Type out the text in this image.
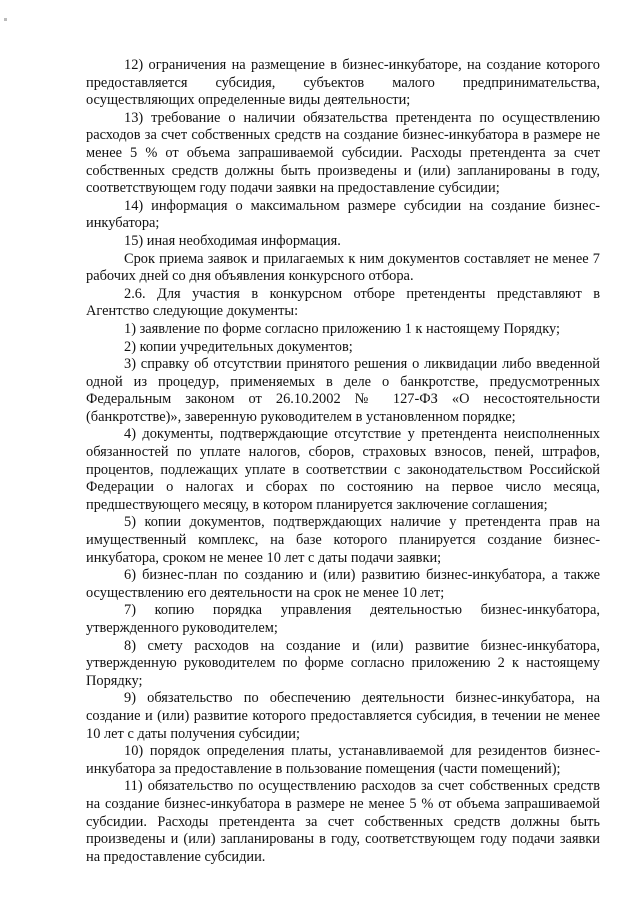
12) ограничения на размещение в бизнес-инкубаторе, на создание которого предоставляется субсидия, субъектов малого предпринимательства, осуществляющих определенные виды деятельности;

13) требование о наличии обязательства претендента по осуществлению расходов за счет собственных средств на создание бизнес-инкубатора в размере не менее 5 % от объема запрашиваемой субсидии. Расходы претендента за счет собственных средств должны быть произведены и (или) запланированы в году, соответствующем году подачи заявки на предоставление субсидии;

14) информация о максимальном размере субсидии на создание бизнес-инкубатора;

15) иная необходимая информация.

Срок приема заявок и прилагаемых к ним документов составляет не менее 7 рабочих дней со дня объявления конкурсного отбора.

2.6. Для участия в конкурсном отборе претенденты представляют в Агентство следующие документы:

1) заявление по форме согласно приложению 1 к настоящему Порядку;

2) копии учредительных документов;

3) справку об отсутствии принятого решения о ликвидации либо введенной одной из процедур, применяемых в деле о банкротстве, предусмотренных Федеральным законом от 26.10.2002 № 127-ФЗ «О несостоятельности (банкротстве)», заверенную руководителем в установленном порядке;

4) документы, подтверждающие отсутствие у претендента неисполненных обязанностей по уплате налогов, сборов, страховых взносов, пеней, штрафов, процентов, подлежащих уплате в соответствии с законодательством Российской Федерации о налогах и сборах по состоянию на первое число месяца, предшествующего месяцу, в котором планируется заключение соглашения;

5) копии документов, подтверждающих наличие у претендента прав на имущественный комплекс, на базе которого планируется создание бизнес-инкубатора, сроком не менее 10 лет с даты подачи заявки;

6) бизнес-план по созданию и (или) развитию бизнес-инкубатора, а также осуществлению его деятельности на срок не менее 10 лет;

7) копию порядка управления деятельностью бизнес-инкубатора, утвержденного руководителем;

8) смету расходов на создание и (или) развитие бизнес-инкубатора, утвержденную руководителем по форме согласно приложению 2 к настоящему Порядку;

9) обязательство по обеспечению деятельности бизнес-инкубатора, на создание и (или) развитие которого предоставляется субсидия, в течении не менее 10 лет с даты получения субсидии;

10) порядок определения платы, устанавливаемой для резидентов бизнес-инкубатора за предоставление в пользование помещения (части помещений);

11) обязательство по осуществлению расходов за счет собственных средств на создание бизнес-инкубатора в размере не менее 5 % от объема запрашиваемой субсидии. Расходы претендента за счет собственных средств должны быть произведены и (или) запланированы в году, соответствующем году подачи заявки на предоставление субсидии.
